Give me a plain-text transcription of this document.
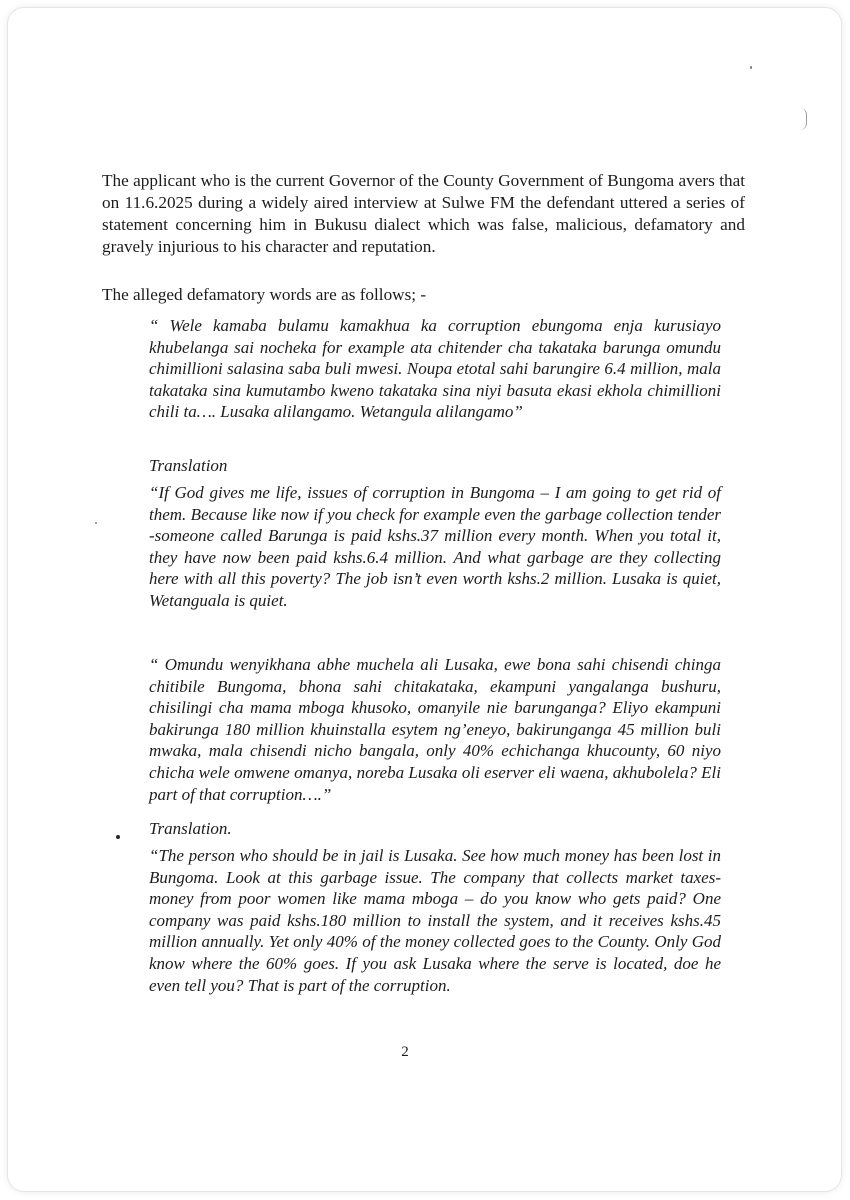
The applicant who is the current Governor of the County Government of Bungoma avers that on 11.6.2025 during a widely aired interview at Sulwe FM the defendant uttered a series of statement concerning him in Bukusu dialect which was false, malicious, defamatory and gravely injurious to his character and reputation.

The alleged defamatory words are as follows; -

“ Wele kamaba bulamu kamakhua ka corruption ebungoma enja kurusiayo khubelanga sai nocheka for example ata chitender cha takataka barunga omundu chimillioni salasina saba buli mwesi. Noupa etotal sahi barungire 6.4 million, mala takataka sina kumutambo kweno takataka sina niyi basuta ekasi ekhola chimillioni chili ta…. Lusaka alilangamo. Wetangula alilangamo”

Translation

“If God gives me life, issues of corruption in Bungoma – I am going to get rid of them. Because like now if you check for example even the garbage collection tender -someone called Barunga is paid kshs.37 million every month. When you total it, they have now been paid kshs.6.4 million. And what garbage are they collecting here with all this poverty? The job isn’t even worth kshs.2 million. Lusaka is quiet, Wetanguala is quiet.

“ Omundu wenyikhana abhe muchela ali Lusaka, ewe bona sahi chisendi chinga chitibile Bungoma, bhona sahi chitakataka, ekampuni yangalanga bushuru, chisilingi cha mama mboga khusoko, omanyile nie barunganga? Eliyo ekampuni bakirunga 180 million khuinstalla esytem ng’eneyo, bakirunganga 45 million buli mwaka, mala chisendi nicho bangala, only 40% echichanga khucounty, 60 niyo chicha wele omwene omanya, noreba Lusaka oli eserver eli waena, akhubolela? Eli part of that corruption….”

Translation.

“The person who should be in jail is Lusaka. See how much money has been lost in Bungoma. Look at this garbage issue. The company that collects market taxes- money from poor women like mama mboga – do you know who gets paid? One company was paid kshs.180 million to install the system, and it receives kshs.45 million annually. Yet only 40% of the money collected goes to the County. Only God know where the 60% goes. If you ask Lusaka where the serve is located, doe he even tell you? That is part of the corruption.

2
